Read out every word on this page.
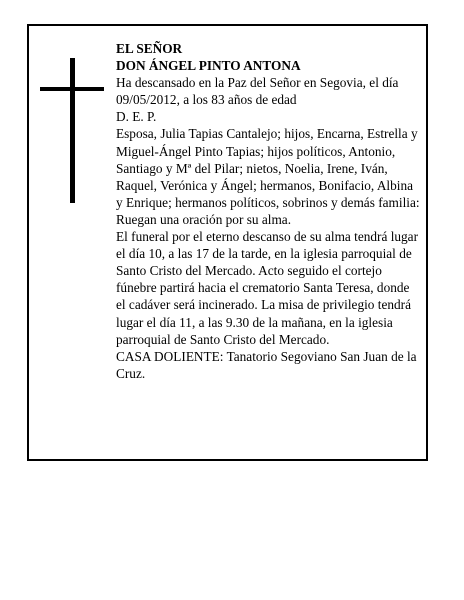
EL SEÑOR

DON ÁNGEL PINTO ANTONA

Ha descansado en la Paz del Señor en Segovia, el día 09/05/2012, a los 83 años de edad

D. E. P.

Esposa, Julia Tapias Cantalejo; hijos, Encarna, Estrella y Miguel-Ángel Pinto Tapias; hijos políticos, Antonio, Santiago y Mª del Pilar; nietos, Noelia, Irene, Iván, Raquel, Verónica y Ángel; hermanos, Bonifacio, Albina y Enrique; hermanos políticos, sobrinos y demás familia:

Ruegan una oración por su alma.

El funeral por el eterno descanso de su alma tendrá lugar el día 10, a las 17 de la tarde, en la iglesia parroquial de Santo Cristo del Mercado. Acto seguido el cortejo fúnebre partirá hacia el crematorio Santa Teresa, donde el cadáver será incinerado. La misa de privilegio tendrá lugar el día 11, a las 9.30 de la mañana, en la iglesia parroquial de Santo Cristo del Mercado.

CASA DOLIENTE: Tanatorio Segoviano San Juan de la Cruz.
